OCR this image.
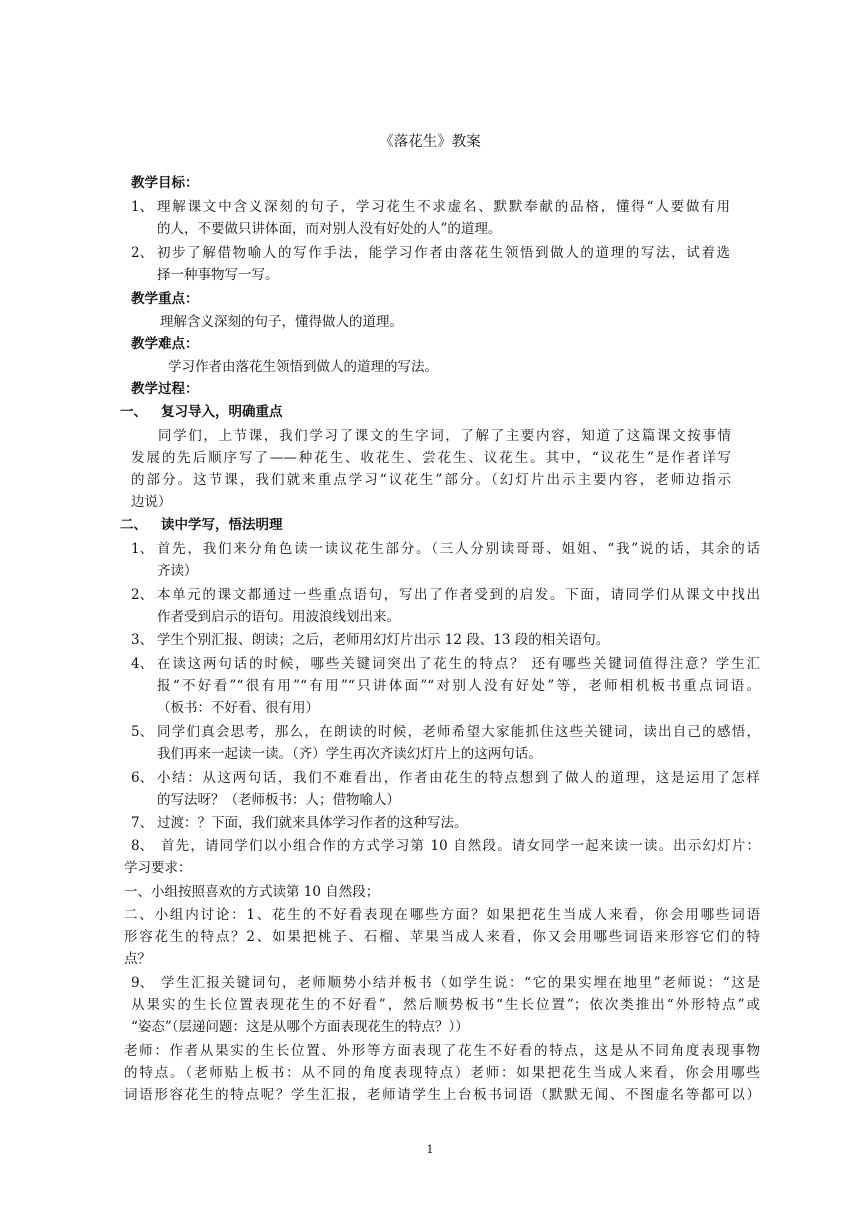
《落花生》教案
教学目标：
1、 理解课文中含义深刻的句子，学习花生不求虚名、默默奉献的品格，懂得“人要做有用
的人，不要做只讲体面，而对别人没有好处的人”的道理。
2、 初步了解借物喻人的写作手法，能学习作者由落花生领悟到做人的道理的写法，试着选
择一种事物写一写。
教学重点：
理解含义深刻的句子，懂得做人的道理。
教学难点：
学习作者由落花生领悟到做人的道理的写法。
教学过程：
一、 复习导入，明确重点
同学们，上节课，我们学习了课文的生字词，了解了主要内容，知道了这篇课文按事情
发展的先后顺序写了——种花生、收花生、尝花生、议花生。其中，“议花生”是作者详写
的部分。这节课，我们就来重点学习“议花生”部分。（幻灯片出示主要内容，老师边指示
边说）
二、 读中学写，悟法明理
1、 首先，我们来分角色读一读议花生部分。（三人分别读哥哥、姐姐、“我”说的话，其余的话
齐读）
2、 本单元的课文都通过一些重点语句，写出了作者受到的启发。下面，请同学们从课文中找出
作者受到启示的语句。用波浪线划出来。
3、 学生个别汇报、朗读；之后，老师用幻灯片出示 12 段、13 段的相关语句。
4、 在读这两句话的时候，哪些关键词突出了花生的特点？ 还有哪些关键词值得注意？学生汇
报“不好看”“很有用”“有用”“只讲体面”“对别人没有好处”等，老师相机板书重点词语。
（板书：不好看、很有用）
5、 同学们真会思考，那么，在朗读的时候，老师希望大家能抓住这些关键词，读出自己的感悟，
我们再来一起读一读。（齐）学生再次齐读幻灯片上的这两句话。
6、 小结：从这两句话，我们不难看出，作者由花生的特点想到了做人的道理，这是运用了怎样
的写法呀？（老师板书：人；借物喻人）
7、 过渡：？下面，我们就来具体学习作者的这种写法。
8、 首先，请同学们以小组合作的方式学习第 10 自然段。请女同学一起来读一读。出示幻灯片：
学习要求：
一、小组按照喜欢的方式读第 10 自然段；
二、小组内讨论：1、花生的不好看表现在哪些方面？如果把花生当成人来看，你会用哪些词语
形容花生的特点？2、如果把桃子、石榴、苹果当成人来看，你又会用哪些词语来形容它们的特
点？
9、 学生汇报关键词句，老师顺势小结并板书（如学生说：“它的果实埋在地里”老师说：“这是
从果实的生长位置表现花生的不好看”，然后顺势板书“生长位置”；依次类推出“外形特点”或
“姿态”（层递问题：这是从哪个方面表现花生的特点？））
老师：作者从果实的生长位置、外形等方面表现了花生不好看的特点，这是从不同角度表现事物
的特点。（老师贴上板书：从不同的角度表现特点）老师：如果把花生当成人来看，你会用哪些
词语形容花生的特点呢？学生汇报，老师请学生上台板书词语（默默无闻、不图虚名等都可以）
1
